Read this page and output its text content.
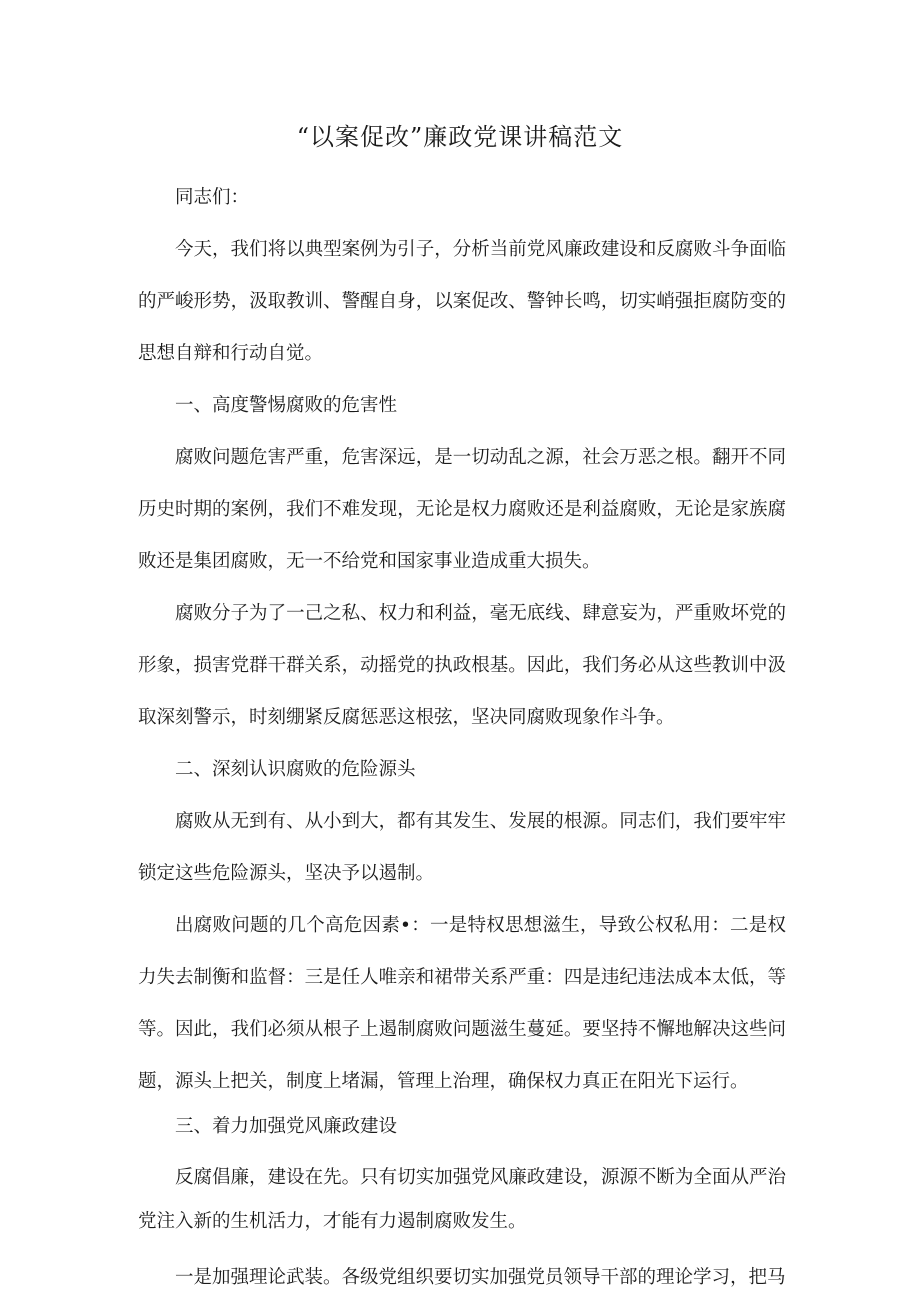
“以案促改”廉政党课讲稿范文

同志们：

今天，我们将以典型案例为引子，分析当前党风廉政建设和反腐败斗争面临的严峻形势，汲取教训、警醒自身，以案促改、警钟长鸣，切实峭强拒腐防变的思想自辩和行动自觉。

一、高度警惕腐败的危害性

腐败问题危害严重，危害深远，是一切动乱之源，社会万恶之根。翻开不同历史时期的案例，我们不难发现，无论是权力腐败还是利益腐败，无论是家族腐败还是集团腐败，无一不给党和国家事业造成重大损失。

腐败分子为了一己之私、权力和利益，毫无底线、肆意妄为，严重败坏党的形象，损害党群干群关系，动摇党的执政根基。因此，我们务必从这些教训中汲取深刻警示，时刻绷紧反腐惩恶这根弦，坚决同腐败现象作斗争。

二、深刻认识腐败的危险源头

腐败从无到有、从小到大，都有其发生、发展的根源。同志们，我们要牢牢锁定这些危险源头，坚决予以遏制。

出腐败问题的几个高危因素•：一是特权思想滋生，导致公权私用：二是权力失去制衡和监督：三是任人唯亲和裙带关系严重：四是违纪违法成本太低，等等。因此，我们必须从根子上遏制腐败问题滋生蔓延。要坚持不懈地解决这些问题，源头上把关，制度上堵漏，管理上治理，确保权力真正在阳光下运行。

三、着力加强党风廉政建设

反腐倡廉，建设在先。只有切实加强党风廉政建设，源源不断为全面从严治党注入新的生机活力，才能有力遏制腐败发生。

一是加强理论武装。各级党组织要切实加强党员领导干部的理论学习，把马
